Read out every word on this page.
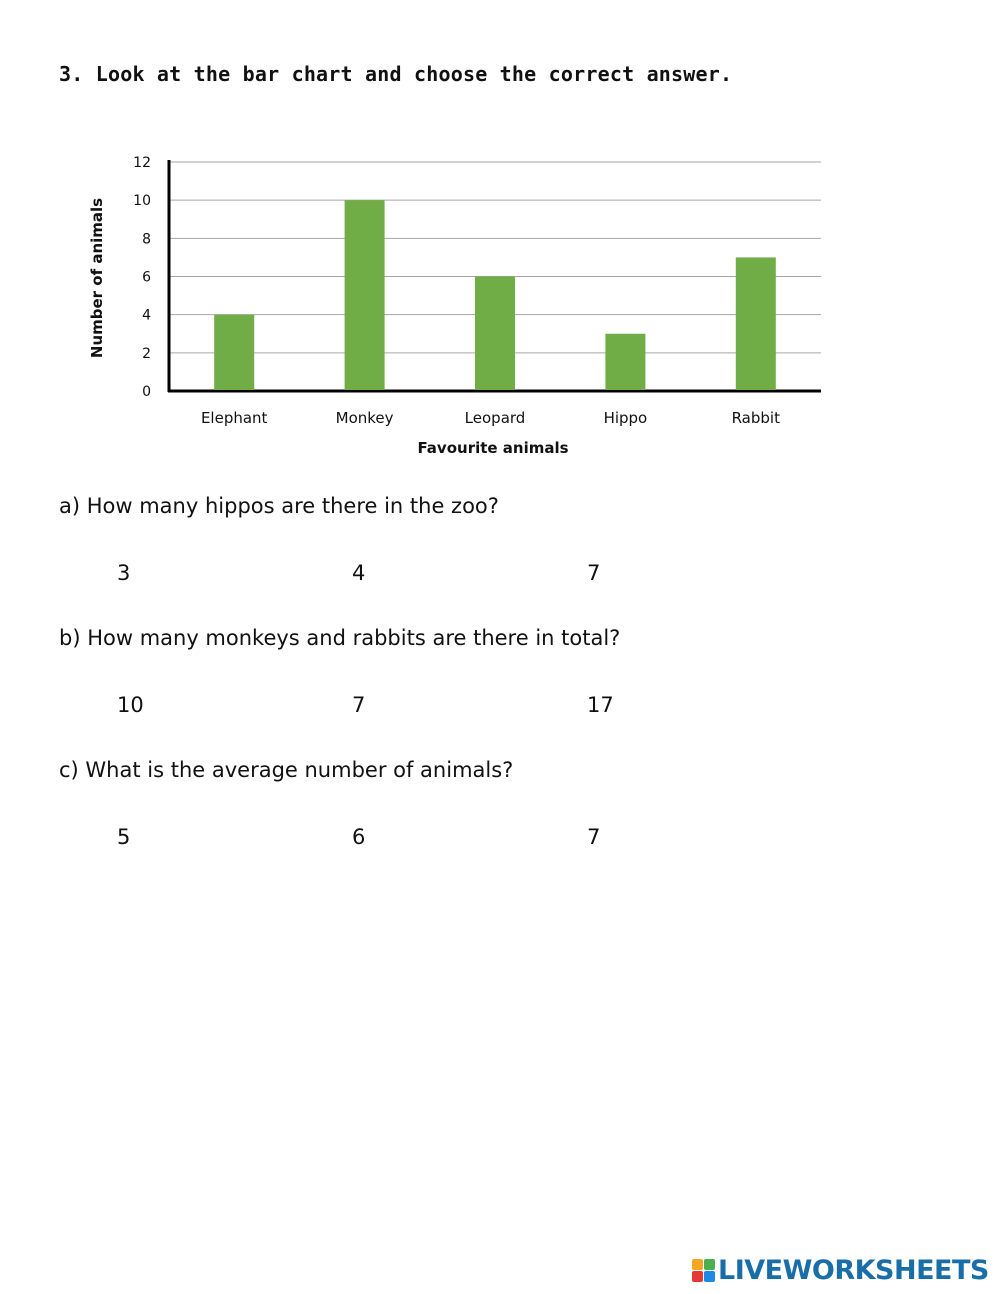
3. Look at the bar chart and choose the correct answer.
0
2
4
6
8
10
12
Elephant	Monkey	Leopard	Hippo	Rabbit
Favourite animals
Number of animals
a) How many hippos are there in the zoo?
3	4	7
b) How many monkeys and rabbits are there in total?
10	7	17
c) What is the average number of animals?
5	6	7
LIVEWORKSHEETS
